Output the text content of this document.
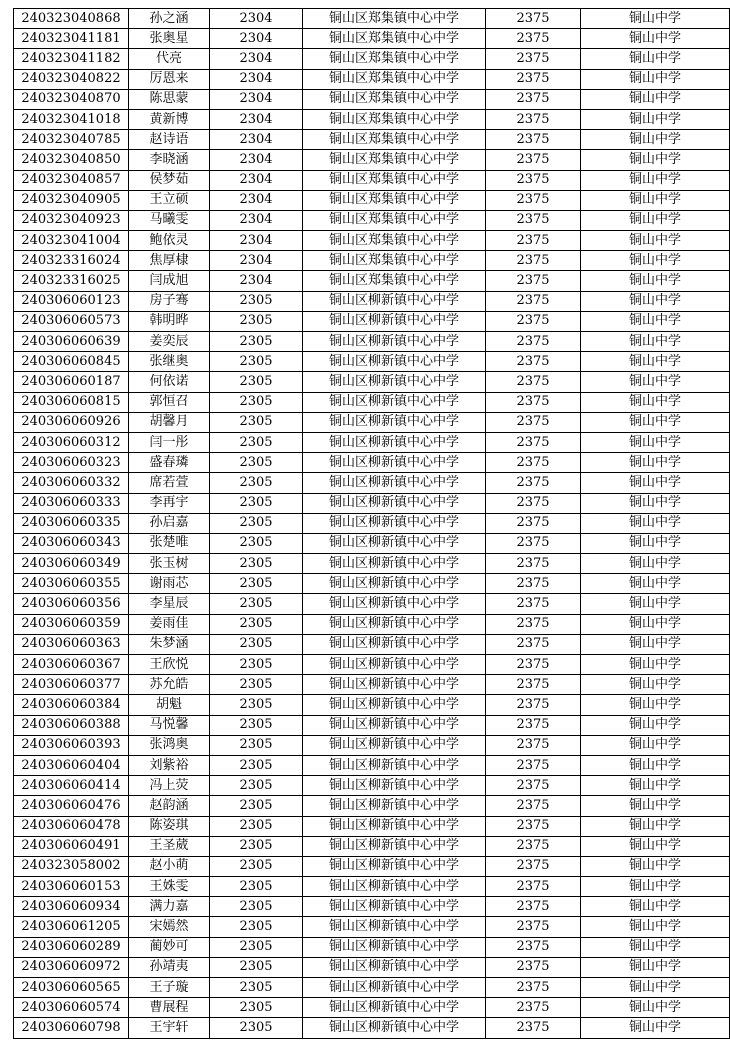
240323040868	孙之涵	2304	铜山区郑集镇中心中学	2375	铜山中学
240323041181	张奥星	2304	铜山区郑集镇中心中学	2375	铜山中学
240323041182	代亮	2304	铜山区郑集镇中心中学	2375	铜山中学
240323040822	厉恩来	2304	铜山区郑集镇中心中学	2375	铜山中学
240323040870	陈思蒙	2304	铜山区郑集镇中心中学	2375	铜山中学
240323041018	黄新博	2304	铜山区郑集镇中心中学	2375	铜山中学
240323040785	赵诗语	2304	铜山区郑集镇中心中学	2375	铜山中学
240323040850	李晓涵	2304	铜山区郑集镇中心中学	2375	铜山中学
240323040857	侯梦茹	2304	铜山区郑集镇中心中学	2375	铜山中学
240323040905	王立硕	2304	铜山区郑集镇中心中学	2375	铜山中学
240323040923	马曦雯	2304	铜山区郑集镇中心中学	2375	铜山中学
240323041004	鲍依灵	2304	铜山区郑集镇中心中学	2375	铜山中学
240323316024	焦厚棣	2304	铜山区郑集镇中心中学	2375	铜山中学
240323316025	闫成旭	2304	铜山区郑集镇中心中学	2375	铜山中学
240306060123	房子骞	2305	铜山区柳新镇中心中学	2375	铜山中学
240306060573	韩明晔	2305	铜山区柳新镇中心中学	2375	铜山中学
240306060639	姜奕辰	2305	铜山区柳新镇中心中学	2375	铜山中学
240306060845	张继奥	2305	铜山区柳新镇中心中学	2375	铜山中学
240306060187	何依诺	2305	铜山区柳新镇中心中学	2375	铜山中学
240306060815	郭恒召	2305	铜山区柳新镇中心中学	2375	铜山中学
240306060926	胡馨月	2305	铜山区柳新镇中心中学	2375	铜山中学
240306060312	闫一彤	2305	铜山区柳新镇中心中学	2375	铜山中学
240306060323	盛春璘	2305	铜山区柳新镇中心中学	2375	铜山中学
240306060332	席若萱	2305	铜山区柳新镇中心中学	2375	铜山中学
240306060333	李再宇	2305	铜山区柳新镇中心中学	2375	铜山中学
240306060335	孙启嘉	2305	铜山区柳新镇中心中学	2375	铜山中学
240306060343	张楚唯	2305	铜山区柳新镇中心中学	2375	铜山中学
240306060349	张玉树	2305	铜山区柳新镇中心中学	2375	铜山中学
240306060355	谢雨芯	2305	铜山区柳新镇中心中学	2375	铜山中学
240306060356	李星辰	2305	铜山区柳新镇中心中学	2375	铜山中学
240306060359	姜雨佳	2305	铜山区柳新镇中心中学	2375	铜山中学
240306060363	朱梦涵	2305	铜山区柳新镇中心中学	2375	铜山中学
240306060367	王欣悦	2305	铜山区柳新镇中心中学	2375	铜山中学
240306060377	苏允皓	2305	铜山区柳新镇中心中学	2375	铜山中学
240306060384	胡魁	2305	铜山区柳新镇中心中学	2375	铜山中学
240306060388	马悦馨	2305	铜山区柳新镇中心中学	2375	铜山中学
240306060393	张鸿奥	2305	铜山区柳新镇中心中学	2375	铜山中学
240306060404	刘紫裕	2305	铜山区柳新镇中心中学	2375	铜山中学
240306060414	冯上荧	2305	铜山区柳新镇中心中学	2375	铜山中学
240306060476	赵韵涵	2305	铜山区柳新镇中心中学	2375	铜山中学
240306060478	陈姿琪	2305	铜山区柳新镇中心中学	2375	铜山中学
240306060491	王圣葳	2305	铜山区柳新镇中心中学	2375	铜山中学
240323058002	赵小萌	2305	铜山区柳新镇中心中学	2375	铜山中学
240306060153	王姝雯	2305	铜山区柳新镇中心中学	2375	铜山中学
240306060934	满力嘉	2305	铜山区柳新镇中心中学	2375	铜山中学
240306061205	宋嫣然	2305	铜山区柳新镇中心中学	2375	铜山中学
240306060289	蔺妙可	2305	铜山区柳新镇中心中学	2375	铜山中学
240306060972	孙靖夷	2305	铜山区柳新镇中心中学	2375	铜山中学
240306060565	王子璇	2305	铜山区柳新镇中心中学	2375	铜山中学
240306060574	曹展程	2305	铜山区柳新镇中心中学	2375	铜山中学
240306060798	王宇轩	2305	铜山区柳新镇中心中学	2375	铜山中学
